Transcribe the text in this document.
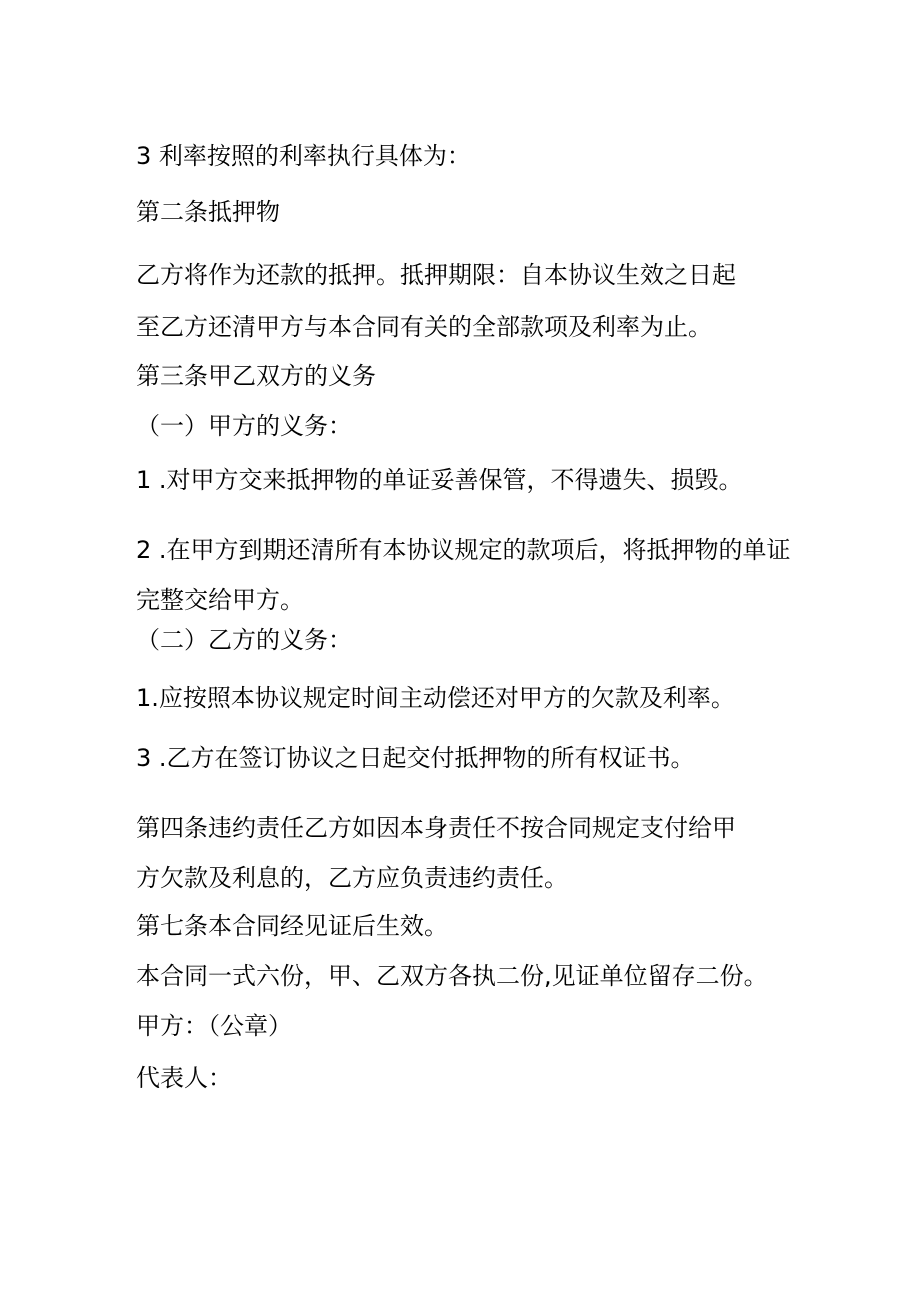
3 利率按照的利率执行具体为：
第二条抵押物
乙方将作为还款的抵押。抵押期限：自本协议生效之日起
至乙方还清甲方与本合同有关的全部款项及利率为止。
第三条甲乙双方的义务
（一）甲方的义务：
1 .对甲方交来抵押物的单证妥善保管，不得遗失、损毁。
2 .在甲方到期还清所有本协议规定的款项后，将抵押物的单证
完整交给甲方。
（二）乙方的义务：
1.应按照本协议规定时间主动偿还对甲方的欠款及利率。
3 .乙方在签订协议之日起交付抵押物的所有权证书。
第四条违约责任乙方如因本身责任不按合同规定支付给甲
方欠款及利息的，乙方应负责违约责任。
第七条本合同经见证后生效。
本合同一式六份，甲、乙双方各执二份,见证单位留存二份。
甲方：（公章）
代表人：
